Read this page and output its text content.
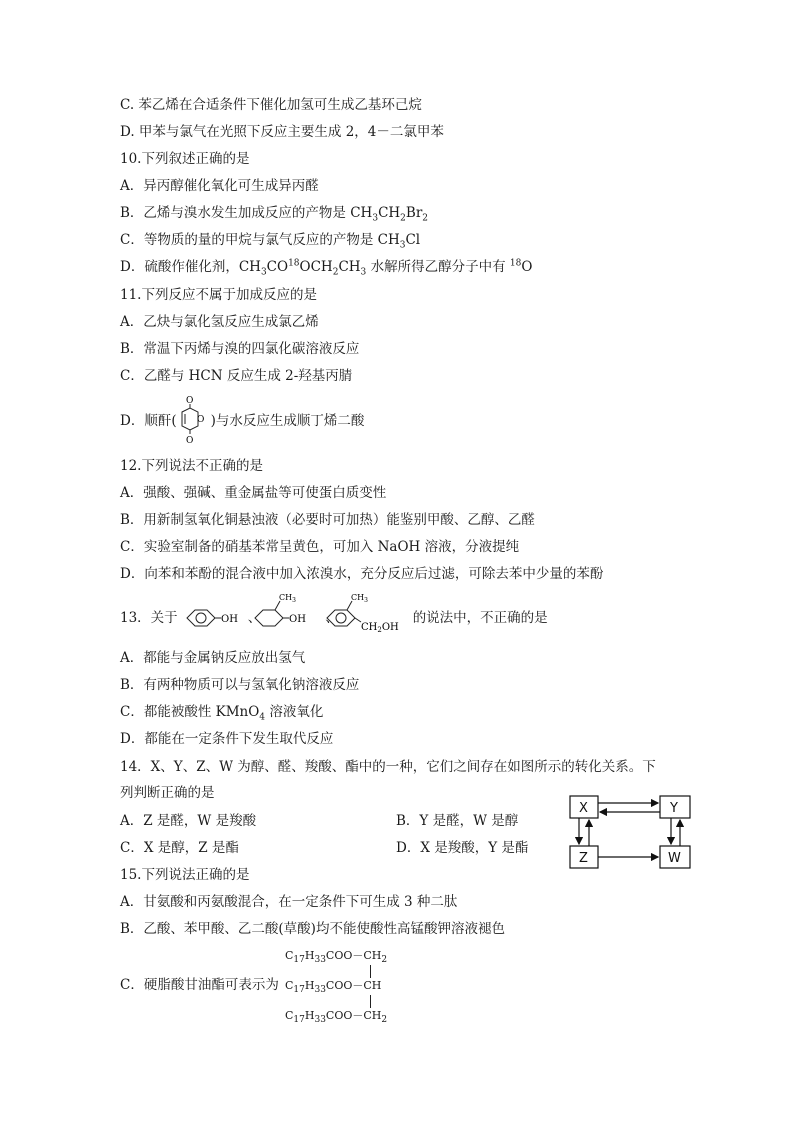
C. 苯乙烯在合适条件下催化加氢可生成乙基环己烷
D. 甲苯与氯气在光照下反应主要生成 2，4－二氯甲苯
10.下列叙述正确的是
A．异丙醇催化氧化可生成异丙醛
B．乙烯与溴水发生加成反应的产物是 $CH_3CH_2Br_2$
C．等物质的量的甲烷与氯气反应的产物是 $CH_3Cl$
D．硫酸作催化剂，$CH_3CO^{18}OCH_2CH_3$ 水解所得乙醇分子中有 $^{18}$O
11.下列反应不属于加成反应的是
A．乙炔与氯化氢反应生成氯乙烯
B．常温下丙烯与溴的四氯化碳溶液反应
C．乙醛与 HCN 反应生成 2-羟基丙腈
D．顺酐(	)与水反应生成顺丁烯二酸
O
O
O
12.下列说法不正确的是
A．强酸、强碱、重金属盐等可使蛋白质变性
B．用新制氢氧化铜悬浊液（必要时可加热）能鉴别甲酸、乙醇、乙醛
C．实验室制备的硝基苯常呈黄色，可加入 NaOH 溶液，分液提纯
D．向苯和苯酚的混合液中加入浓溴水，充分反应后过滤，可除去苯中少量的苯酚
13．关于	、	、	的说法中，不正确的是
OH
$CH_3$
OH
$CH_3$
$CH_2OH$
A．都能与金属钠反应放出氢气
B．有两种物质可以与氢氧化钠溶液反应
C．都能被酸性 KMnO$_4$ 溶液氧化
D．都能在一定条件下发生取代反应
14．X、Y、Z、W 为醇、醛、羧酸、酯中的一种，它们之间存在如图所示的转化关系。下
列判断正确的是
A．Z 是醛，W 是羧酸	B．Y 是醛，W 是醇
C．X 是醇，Z 是酯	D．X 是羧酸，Y 是酯
X	Y
Z	W
15.下列说法正确的是
A．甘氨酸和丙氨酸混合，在一定条件下可生成 3 种二肽
B．乙酸、苯甲酸、乙二酸(草酸)均不能使酸性高锰酸钾溶液褪色
C．硬脂酸甘油酯可表示为
$C_{17}H_{33}COO-CH_2$
$C_{17}H_{33}COO-CH$
$C_{17}H_{33}COO-CH_2$
